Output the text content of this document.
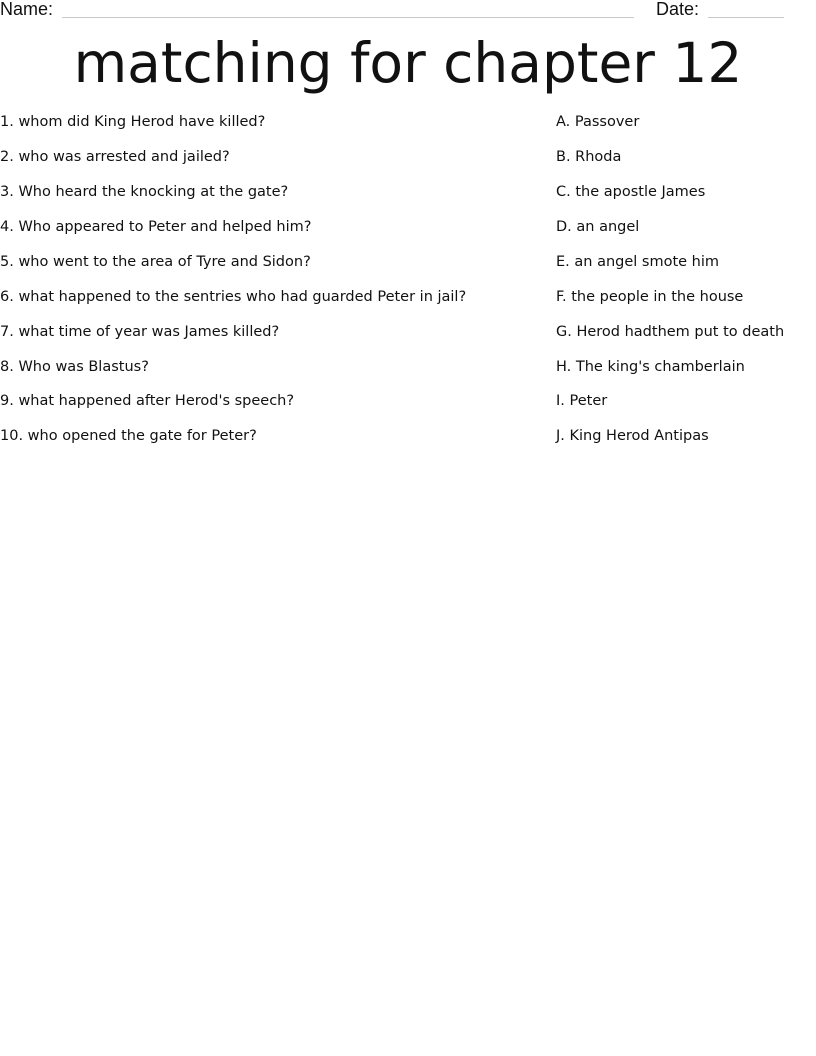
Name:	Date:
matching for chapter 12
1. whom did King Herod have killed?
2. who was arrested and jailed?
3. Who heard the knocking at the gate?
4. Who appeared to Peter and helped him?
5. who went to the area of Tyre and Sidon?
6. what happened to the sentries who had guarded Peter in jail?
7. what time of year was James killed?
8. Who was Blastus?
9. what happened after Herod's speech?
10. who opened the gate for Peter?
A. Passover
B. Rhoda
C. the apostle James
D. an angel
E. an angel smote him
F. the people in the house
G. Herod hadthem put to death
H. The king's chamberlain
I. Peter
J. King Herod Antipas
